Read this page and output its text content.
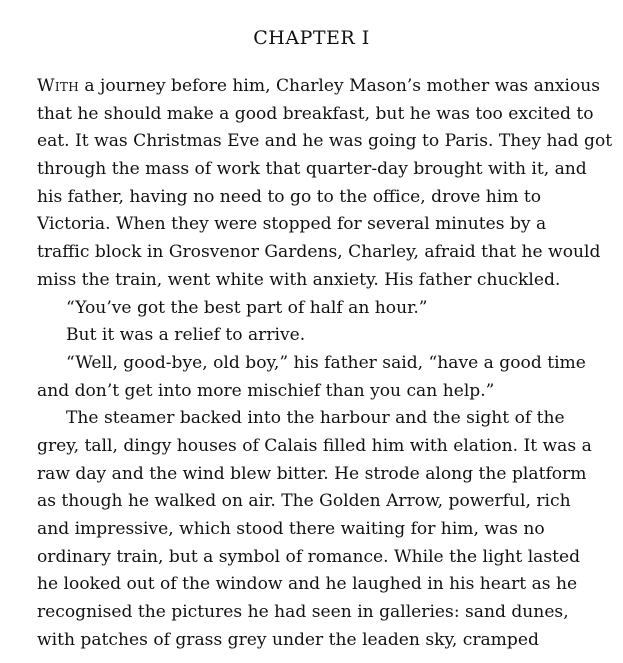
CHAPTER I
With a journey before him, Charley Mason’s mother was anxious
that he should make a good breakfast, but he was too excited to
eat. It was Christmas Eve and he was going to Paris. They had got
through the mass of work that quarter-day brought with it, and
his father, having no need to go to the office, drove him to
Victoria. When they were stopped for several minutes by a
traffic block in Grosvenor Gardens, Charley, afraid that he would
miss the train, went white with anxiety. His father chuckled.
“You’ve got the best part of half an hour.”
But it was a relief to arrive.
“Well, good-bye, old boy,” his father said, “have a good time
and don’t get into more mischief than you can help.”
The steamer backed into the harbour and the sight of the
grey, tall, dingy houses of Calais filled him with elation. It was a
raw day and the wind blew bitter. He strode along the platform
as though he walked on air. The Golden Arrow, powerful, rich
and impressive, which stood there waiting for him, was no
ordinary train, but a symbol of romance. While the light lasted
he looked out of the window and he laughed in his heart as he
recognised the pictures he had seen in galleries: sand dunes,
with patches of grass grey under the leaden sky, cramped
